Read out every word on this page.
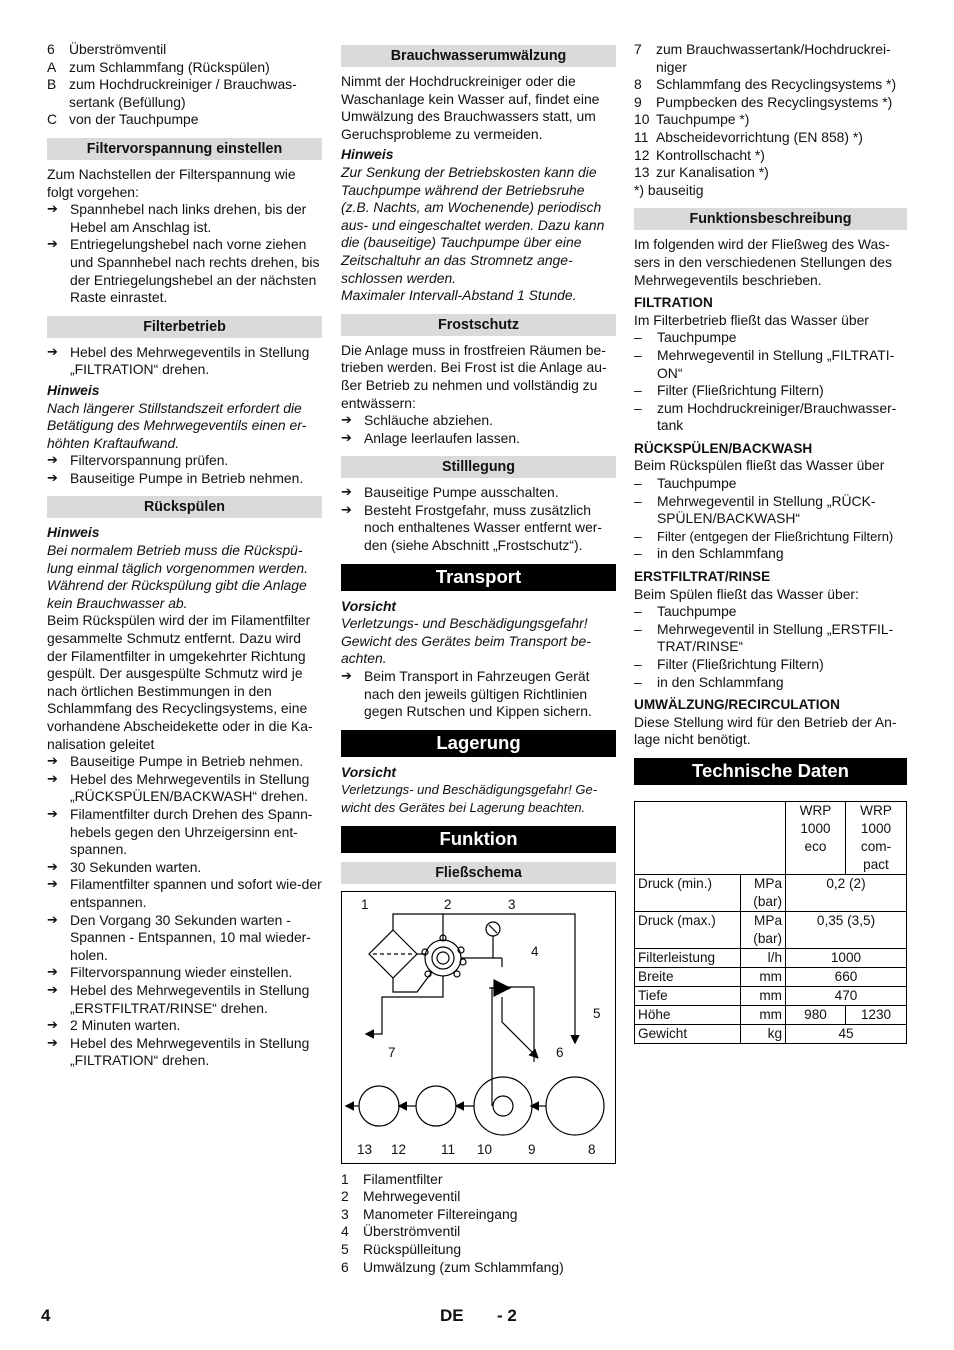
6	Überströmventil
A zum Schlammfang (Rückspülen)
B zum Hochdruckreiniger / Brauchwas-sertank (Befüllung)
C von der Tauchpumpe
Filtervorspannung einstellen

Zum Nachstellen der Filterspannung wie folgt vorgehen:

➔ Spannhebel nach links drehen, bis der Hebel am Anschlag ist.
➔ Entriegelungshebel nach vorne ziehen und Spannhebel nach rechts drehen, bis der Entriegelungshebel an der nächsten Raste einrastet.
Filterbetrieb
➔ Hebel des Mehrwegeventils in Stellung „FILTRATION“ drehen.

Hinweis

Nach längerer Stillstandszeit erfordert die Betätigung des Mehrwegeventils einen er-höhten Kraftaufwand.

➔ Filtervorspannung prüfen.
➔ Bauseitige Pumpe in Betrieb nehmen.
Rückspülen

Hinweis

Bei normalem Betrieb muss die Rückspü-lung einmal täglich vorgenommen werden. Während der Rückspülung gibt die Anlage kein Brauchwasser ab.

Beim Rückspülen wird der im Filamentfilter gesammelte Schmutz entfernt. Dazu wird der Filamentfilter in umgekehrter Richtung gespült. Der ausgespülte Schmutz wird je nach örtlichen Bestimmungen in den Schlammfang des Recyclingsystems, eine vorhandene Abscheidekette oder in die Ka-nalisation geleitet

➔ Bauseitige Pumpe in Betrieb nehmen.
➔ Hebel des Mehrwegeventils in Stellung „RÜCKSPÜLEN/BACKWASH“ drehen.
➔ Filamentfilter durch Drehen des Spann-hebels gegen den Uhrzeigersinn ent-spannen.
➔ 30 Sekunden warten.
➔ Filamentfilter spannen und sofort wie-der entspannen.
➔ Den Vorgang 30 Sekunden warten - Spannen - Entspannen, 10 mal wieder-holen.
➔ Filtervorspannung wieder einstellen.
➔ Hebel des Mehrwegeventils in Stellung „ERSTFILTRAT/RINSE“ drehen.
➔ 2 Minuten warten.
➔ Hebel des Mehrwegeventils in Stellung „FILTRATION“ drehen.
Brauchwasserumwälzung

Nimmt der Hochdruckreiniger oder die Waschanlage kein Wasser auf, findet eine Umwälzung des Brauchwassers statt, um Geruchsprobleme zu vermeiden.

Hinweis

Zur Senkung der Betriebskosten kann die Tauchpumpe während der Betriebsruhe (z.B. Nachts, am Wochenende) periodisch aus- und eingeschaltet werden. Dazu kann die (bauseitige) Tauchpumpe über eine Zeitschaltuhr an das Stromnetz ange-schlossen werden.

Maximaler Intervall-Abstand 1 Stunde.

Frostschutz

Die Anlage muss in frostfreien Räumen be-trieben werden. Bei Frost ist die Anlage au-ßer Betrieb zu nehmen und vollständig zu entwässern:

➔ Schläuche abziehen.
➔ Anlage leerlaufen lassen.
Stilllegung
➔ Bauseitige Pumpe ausschalten.
➔ Besteht Frostgefahr, muss zusätzlich noch enthaltenes Wasser entfernt wer-den (siehe Abschnitt „Frostschutz“).
Transport

Vorsicht

Verletzungs- und Beschädigungsgefahr! Gewicht des Gerätes beim Transport be-achten.

➔ Beim Transport in Fahrzeugen Gerät nach den jeweils gültigen Richtlinien gegen Rutschen und Kippen sichern.
Lagerung

Vorsicht

Verletzungs- und Beschädigungsgefahr! Ge-wicht des Gerätes bei Lagerung beachten.

Funktion
Fließschema
1	2	3
4
5
6
7
8
9
10
11
12
13
1	Filamentfilter
2	Mehrwegeventil
3	Manometer Filtereingang
4	Überströmventil
5	Rückspülleitung
6	Umwälzung (zum Schlammfang)
7	zum Brauchwassertank/Hochdruckrei-niger
8	Schlammfang des Recyclingsystems *)
9	Pumpbecken des Recyclingsystems *)
10 Tauchpumpe *)
11 Abscheidevorrichtung (EN 858) *)
12 Kontrollschacht *)
13 zur Kanalisation *)

*) bauseitig

Funktionsbeschreibung

Im folgenden wird der Fließweg des Was-sers in den verschiedenen Stellungen des Mehrwegeventils beschrieben.

FILTRATION

Im Filterbetrieb fließt das Wasser über

–	Tauchpumpe
–	Mehrwegeventil in Stellung „FILTRATI-ON“
–	Filter (Fließrichtung Filtern)
–	zum Hochdruckreiniger/Brauchwasser-tank

RÜCKSPÜLEN/BACKWASH

Beim Rückspülen fließt das Wasser über

–	Tauchpumpe
–	Mehrwegeventil in Stellung „RÜCK-SPÜLEN/BACKWASH“
–	Filter (entgegen der Fließrichtung Filtern)
–	in den Schlammfang

ERSTFILTRAT/RINSE

Beim Spülen fließt das Wasser über:

–	Tauchpumpe
–	Mehrwegeventil in Stellung „ERSTFIL-TRAT/RINSE“
–	Filter (Fließrichtung Filtern)
–	in den Schlammfang

UMWÄLZUNG/RECIRCULATION

Diese Stellung wird für den Betrieb der An-lage nicht benötigt.

Technische Daten
		WRP 1000 eco	WRP 1000 com-pact
Druck (min.)	MPa (bar)	0,2 (2)	
Druck (max.)	MPa (bar)	0,35 (3,5)	
Filterleistung	l/h	1000	
Breite	mm	660	
Tiefe	mm	470	
Höhe	mm	980	1230
Gewicht	kg	45	
4	DE - 2
